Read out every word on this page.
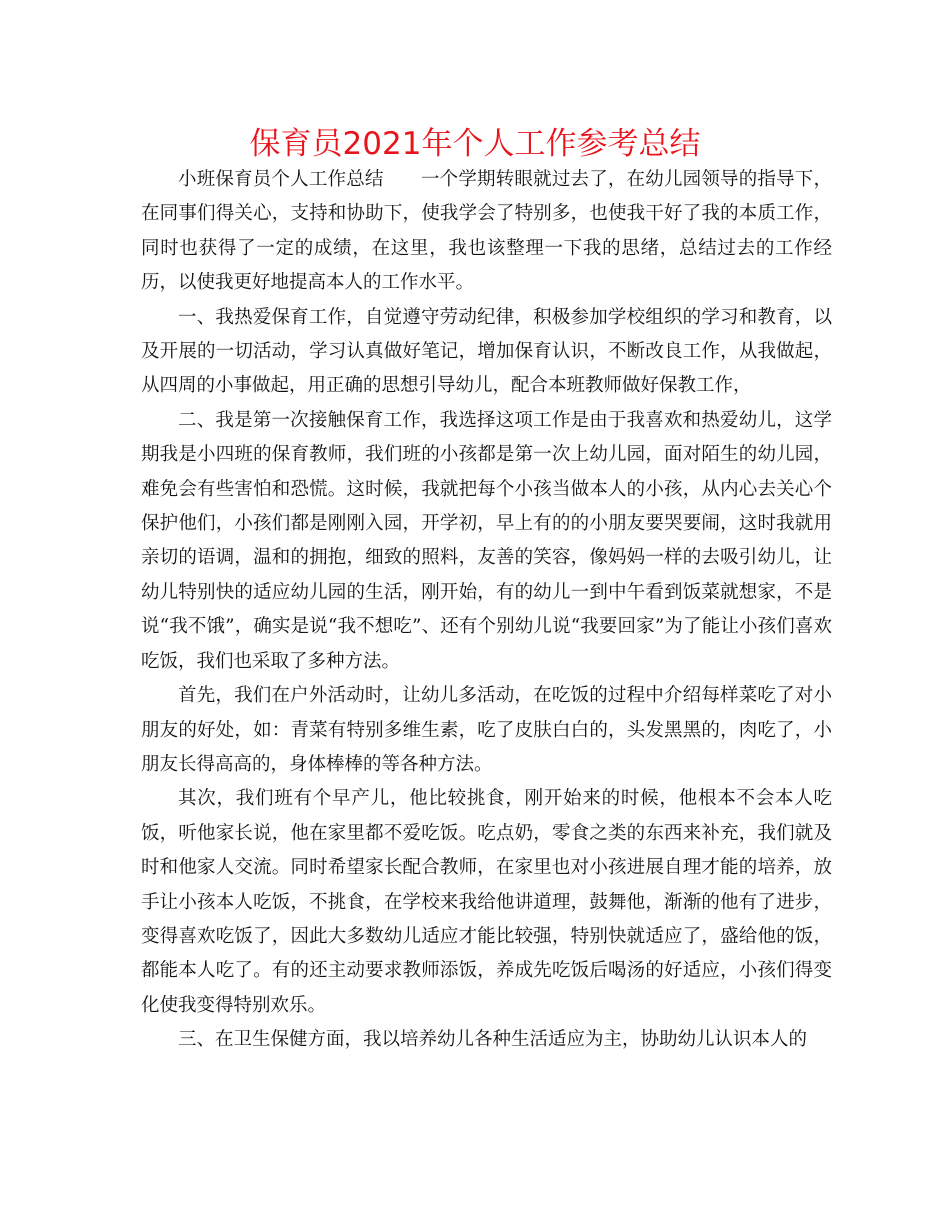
保育员2021年个人工作参考总结

小班保育员个人工作总结　　一个学期转眼就过去了，在幼儿园领导的指导下，在同事们得关心，支持和协助下，使我学会了特别多，也使我干好了我的本质工作，同时也获得了一定的成绩，在这里，我也该整理一下我的思绪，总结过去的工作经历，以使我更好地提高本人的工作水平。

一、我热爱保育工作，自觉遵守劳动纪律，积极参加学校组织的学习和教育，以及开展的一切活动，学习认真做好笔记，增加保育认识，不断改良工作，从我做起，从四周的小事做起，用正确的思想引导幼儿，配合本班教师做好保教工作，

二、我是第一次接触保育工作，我选择这项工作是由于我喜欢和热爱幼儿，这学期我是小四班的保育教师，我们班的小孩都是第一次上幼儿园，面对陌生的幼儿园，难免会有些害怕和恐慌。这时候，我就把每个小孩当做本人的小孩，从内心去关心个保护他们，小孩们都是刚刚入园，开学初，早上有的的小朋友要哭要闹，这时我就用亲切的语调，温和的拥抱，细致的照料，友善的笑容，像妈妈一样的去吸引幼儿，让幼儿特别快的适应幼儿园的生活，刚开始，有的幼儿一到中午看到饭菜就想家，不是说“我不饿”，确实是说“我不想吃”、还有个别幼儿说“我要回家”为了能让小孩们喜欢吃饭，我们也采取了多种方法。

首先，我们在户外活动时，让幼儿多活动，在吃饭的过程中介绍每样菜吃了对小朋友的好处，如：青菜有特别多维生素，吃了皮肤白白的，头发黑黑的，肉吃了，小朋友长得高高的，身体棒棒的等各种方法。

其次，我们班有个早产儿，他比较挑食，刚开始来的时候，他根本不会本人吃饭，听他家长说，他在家里都不爱吃饭。吃点奶，零食之类的东西来补充，我们就及时和他家人交流。同时希望家长配合教师，在家里也对小孩进展自理才能的培养，放手让小孩本人吃饭，不挑食，在学校来我给他讲道理，鼓舞他，渐渐的他有了进步，变得喜欢吃饭了，因此大多数幼儿适应才能比较强，特别快就适应了，盛给他的饭，都能本人吃了。有的还主动要求教师添饭，养成先吃饭后喝汤的好适应，小孩们得变化使我变得特别欢乐。

三、在卫生保健方面，我以培养幼儿各种生活适应为主，协助幼儿认识本人的
